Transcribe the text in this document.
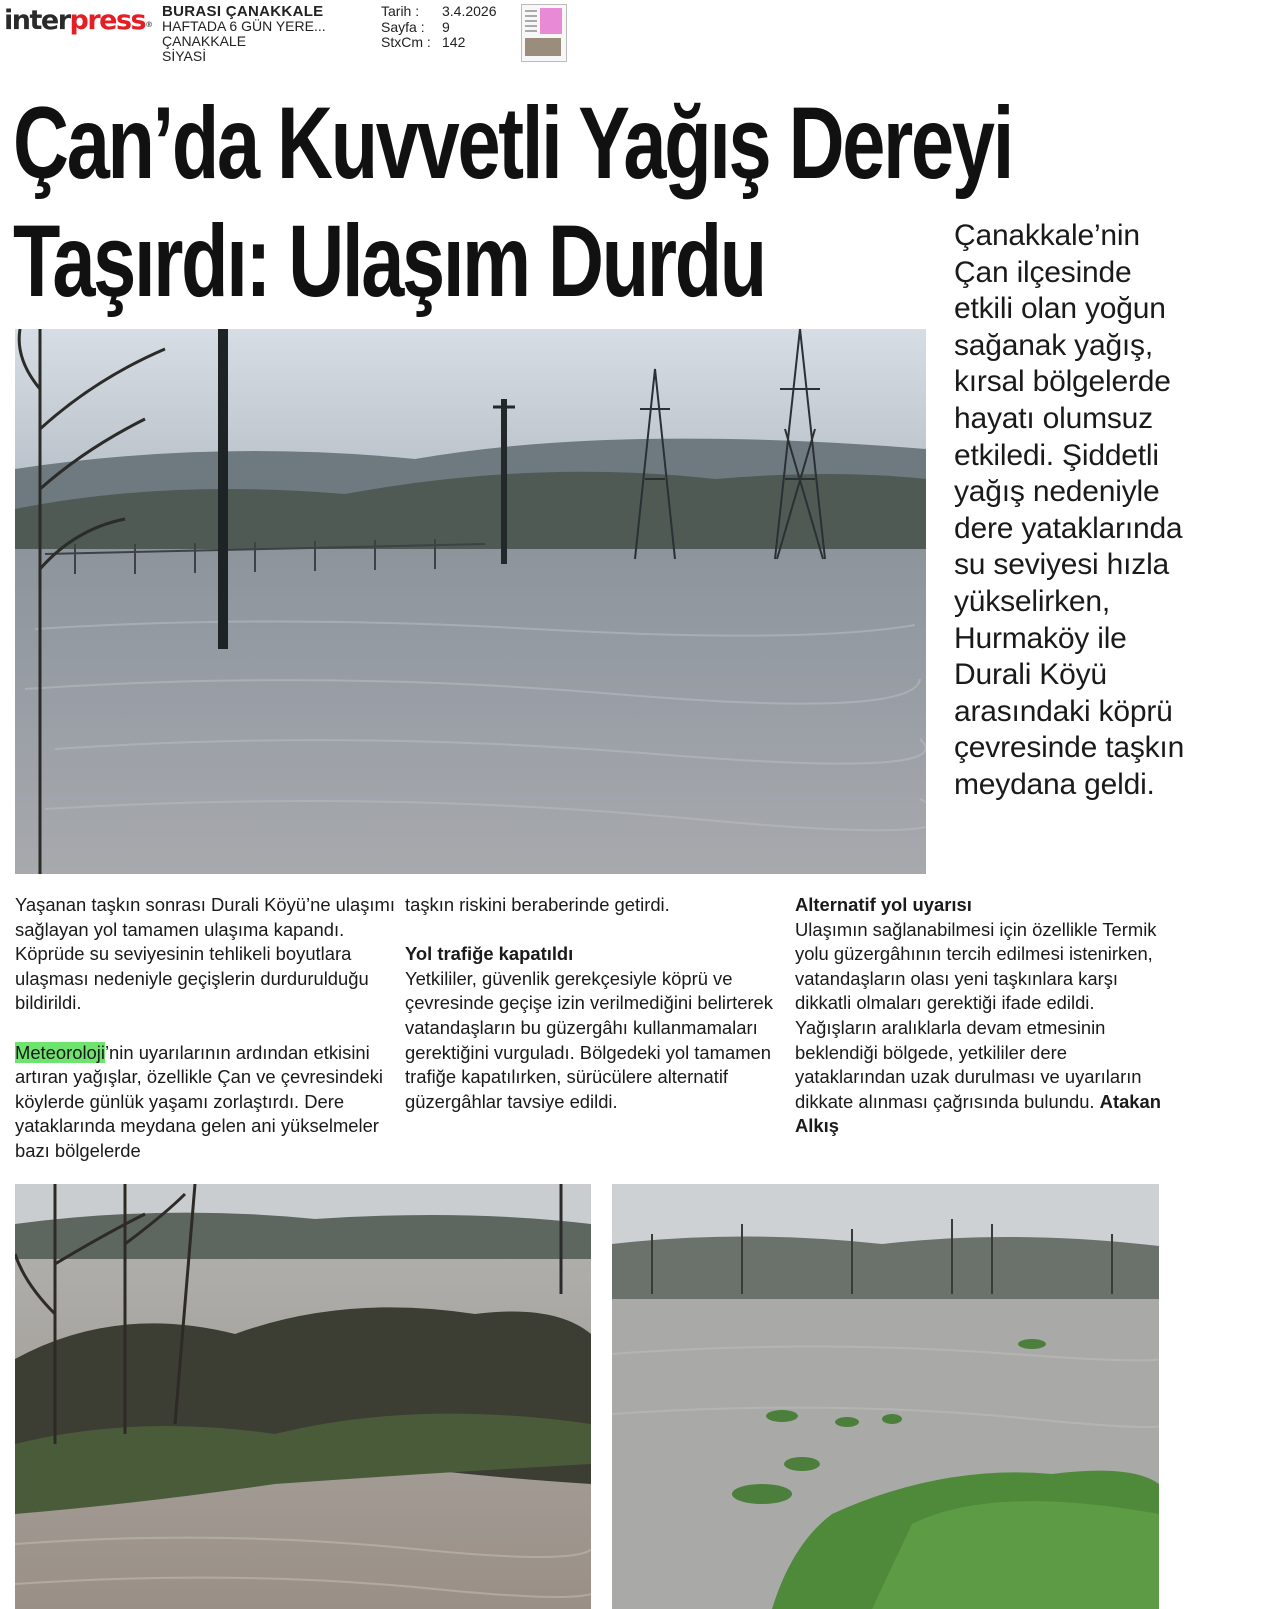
interpress®
BURASI ÇANAKKALE
HAFTADA 6 GÜN YERE...
ÇANAKKALE
SİYASİ
Tarih :	3.4.2026
Sayfa :	9
StxCm : 142
Çan’da Kuvvetli Yağış Dereyi
Taşırdı: Ulaşım Durdu	Çanakkale’nin Çan ilçesinde etkili olan yoğun sağanak yağış, kırsal bölgelerde hayatı olumsuz etkiledi. Şiddetli yağış nedeniyle dere yataklarında su seviyesi hızla yükselirken, Hurmaköy ile Durali Köyü arasındaki köprü çevresinde taşkın meydana geldi.

Yaşanan taşkın sonrası Durali Köyü’ne ulaşımı sağlayan yol tamamen ulaşıma kapandı. Köprüde su seviyesinin tehlikeli boyutlara ulaşması nedeniyle geçişlerin durdurulduğu bildirildi.

Meteoroloji’nin uyarılarının ardından etkisini artıran yağışlar, özellikle Çan ve çevresindeki köylerde günlük yaşamı zorlaştırdı. Dere yataklarında meydana gelen ani yükselmeler bazı bölgelerde

taşkın riskini beraberinde getirdi.

Yol trafiğe kapatıldı

Yetkililer, güvenlik gerekçesiyle köprü ve çevresinde geçişe izin verilmediğini belirterek vatandaşların bu güzergâhı kullanmamaları gerektiğini vurguladı. Bölgedeki yol tamamen trafiğe kapatılırken, sürücülere alternatif güzergâhlar tavsiye edildi.

Alternatif yol uyarısı

Ulaşımın sağlanabilmesi için özellikle Termik yolu güzergâhının tercih edilmesi istenirken, vatandaşların olası yeni taşkınlara karşı dikkatli olmaları gerektiği ifade edildi.

Yağışların aralıklarla devam etmesinin beklendiği bölgede, yetkililer dere yataklarından uzak durulması ve uyarıların dikkate alınması çağrısında bulundu. Atakan Alkış
